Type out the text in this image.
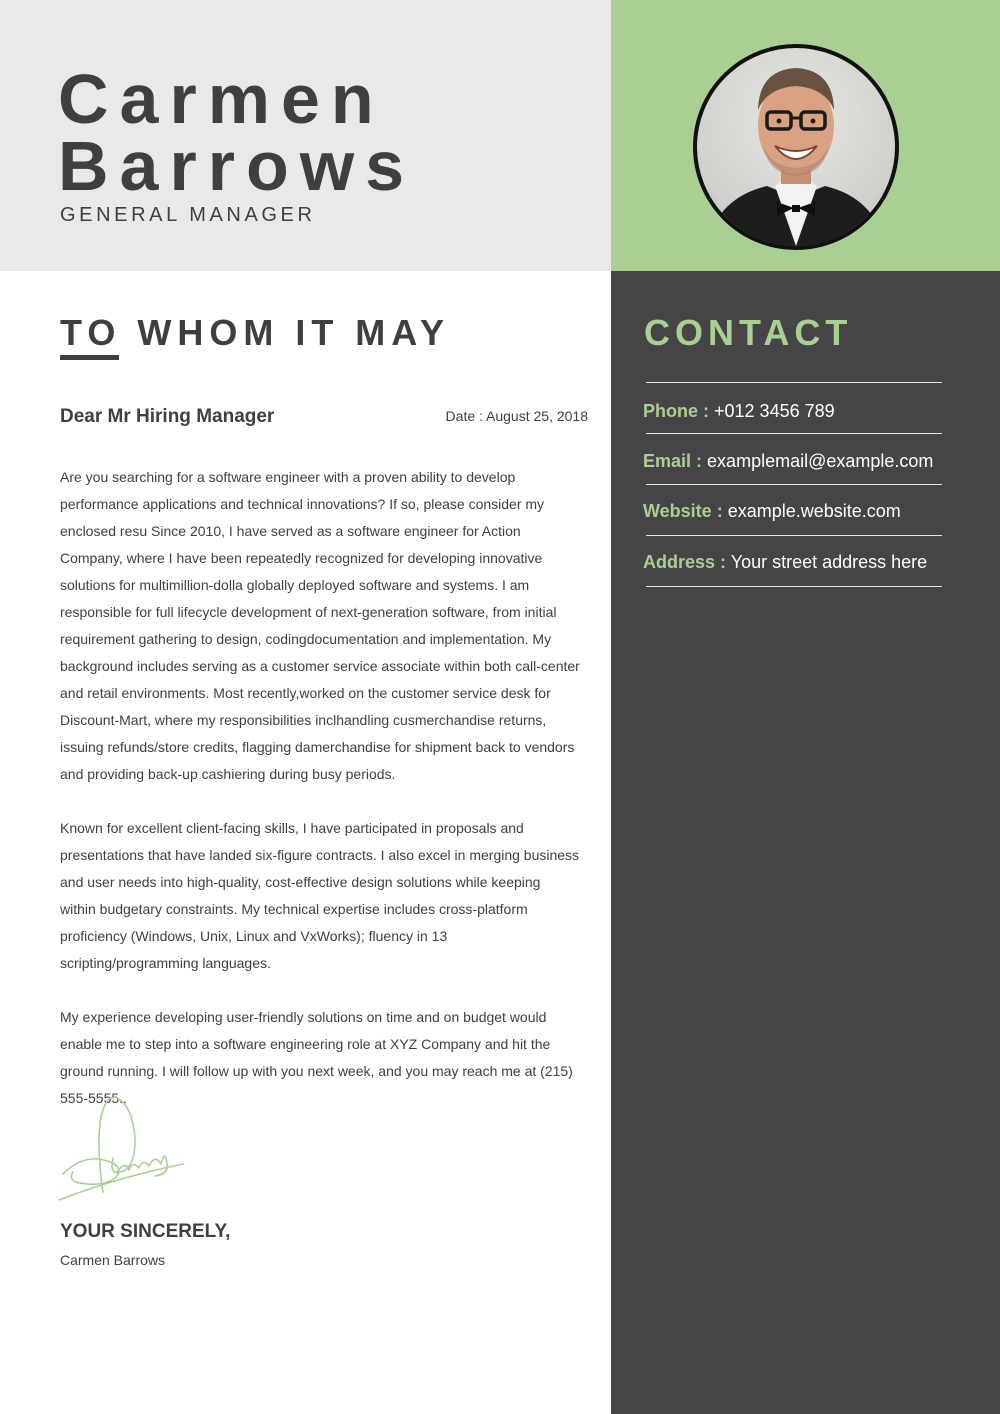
Carmen
Barrows
GENERAL MANAGER
TO WHOM IT MAY
Dear Mr Hiring Manager	Date : August 25, 2018

Are you searching for a software engineer with a proven ability to develop performance applications and technical innovations? If so, please consider my enclosed resu Since 2010, I have served as a software engineer for Action Company, where I have been repeatedly recognized for developing innovative solutions for multimillion-dolla globally deployed software and systems. I am responsible for full lifecycle development of next-generation software, from initial requirement gathering to design, codingdocumentation and implementation. My background includes serving as a customer service associate within both call-center and retail environments. Most recently,worked on the customer service desk for Discount-Mart, where my responsibilities inclhandling cusmerchandise returns, issuing refunds/store credits, flagging damerchandise for shipment back to vendors and providing back-up cashiering during busy periods.

Known for excellent client-facing skills, I have participated in proposals and presentations that have landed six-figure contracts. I also excel in merging business and user needs into high-quality, cost-effective design solutions while keeping within budgetary constraints. My technical expertise includes cross-platform proficiency (Windows, Unix, Linux and VxWorks); fluency in 13 scripting/programming languages.

My experience developing user-friendly solutions on time and on budget would enable me to step into a software engineering role at XYZ Company and hit the ground running. I will follow up with you next week, and you may reach me at (215) 555-5555..

YOUR SINCERELY,
Carmen Barrows
CONTACT
Phone : +012 3456 789
Email : examplemail@example.com
Website : example.website.com
Address : Your street address here
